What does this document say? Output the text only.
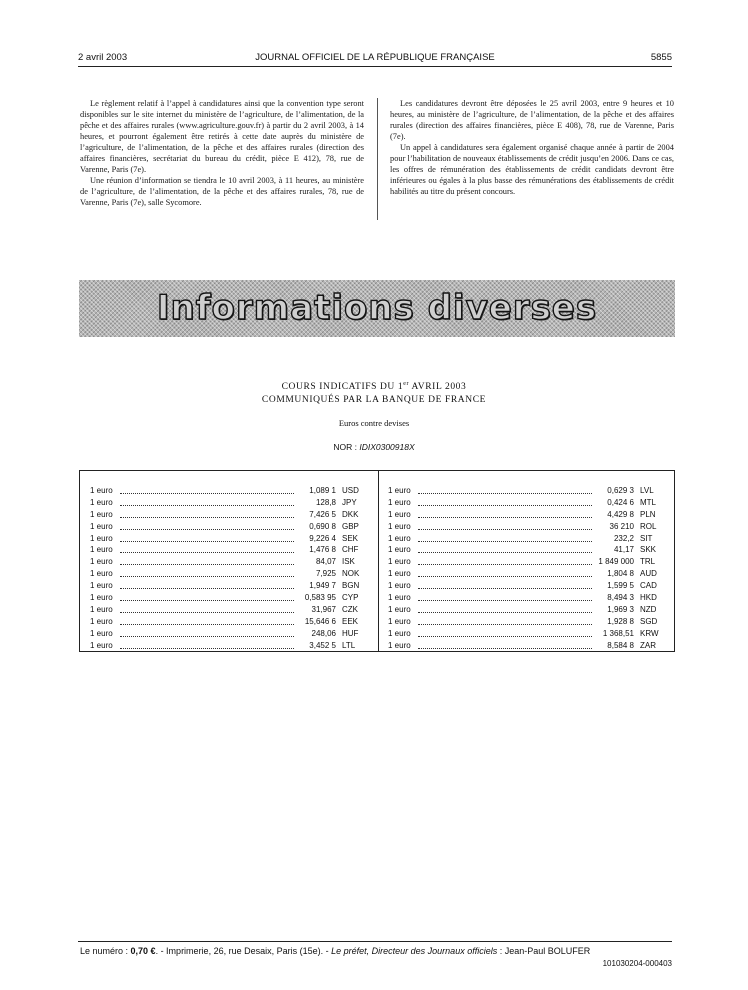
2 avril 2003	JOURNAL OFFICIEL DE LA RÉPUBLIQUE FRANÇAISE	5855

Le règlement relatif à l’appel à candidatures ainsi que la convention type seront disponibles sur le site internet du ministère de l’agriculture, de l’alimentation, de la pêche et des affaires rurales (www.agriculture.gouv.fr) à partir du 2 avril 2003, à 14 heures, et pourront également être retirés à cette date auprès du ministère de l’agriculture, de l’alimentation, de la pêche et des affaires rurales (direction des affaires financières, secrétariat du bureau du crédit, pièce E 412), 78, rue de Varenne, Paris (7e).

Une réunion d’information se tiendra le 10 avril 2003, à 11 heures, au ministère de l’agriculture, de l’alimentation, de la pêche et des affaires rurales, 78, rue de Varenne, Paris (7e), salle Sycomore.

Les candidatures devront être déposées le 25 avril 2003, entre 9 heures et 10 heures, au ministère de l’agriculture, de l’alimentation, de la pêche et des affaires rurales (direction des affaires financières, pièce E 408), 78, rue de Varenne, Paris (7e).

Un appel à candidatures sera également organisé chaque année à partir de 2004 pour l’habilitation de nouveaux établissements de crédit jusqu’en 2006. Dans ce cas, les offres de rémunération des établissements de crédit candidats devront être inférieures ou égales à la plus basse des rémunérations des établissements de crédit habilités au titre du présent concours.

Informations diverses
COURS INDICATIFS DU 1er AVRIL 2003
COMMUNIQUÉS PAR LA BANQUE DE FRANCE
Euros contre devises
NOR : IDIX0300918X
1 euro	1,089 1 USD
1 euro	128,8 JPY
1 euro	7,426 5 DKK
1 euro	0,690 8 GBP
1 euro	9,226 4 SEK
1 euro	1,476 8 CHF
1 euro	84,07 ISK
1 euro	7,925 NOK
1 euro	1,949 7 BGN
1 euro	0,583 95 CYP
1 euro	31,967 CZK
1 euro	15,646 6 EEK
1 euro	248,06 HUF
1 euro	3,452 5 LTL
1 euro	0,629 3 LVL
1 euro	0,424 6 MTL
1 euro	4,429 8 PLN
1 euro	36 210 ROL
1 euro	232,2 SIT
1 euro	41,17 SKK
1 euro	1 849 000 TRL
1 euro	1,804 8 AUD
1 euro	1,599 5 CAD
1 euro	8,494 3 HKD
1 euro	1,969 3 NZD
1 euro	1,928 8 SGD
1 euro	1 368,51 KRW
1 euro	8,584 8 ZAR
Le numéro : 0,70 €. - Imprimerie, 26, rue Desaix, Paris (15e). - Le préfet, Directeur des Journaux officiels : Jean-Paul BOLUFER
101030204-000403
